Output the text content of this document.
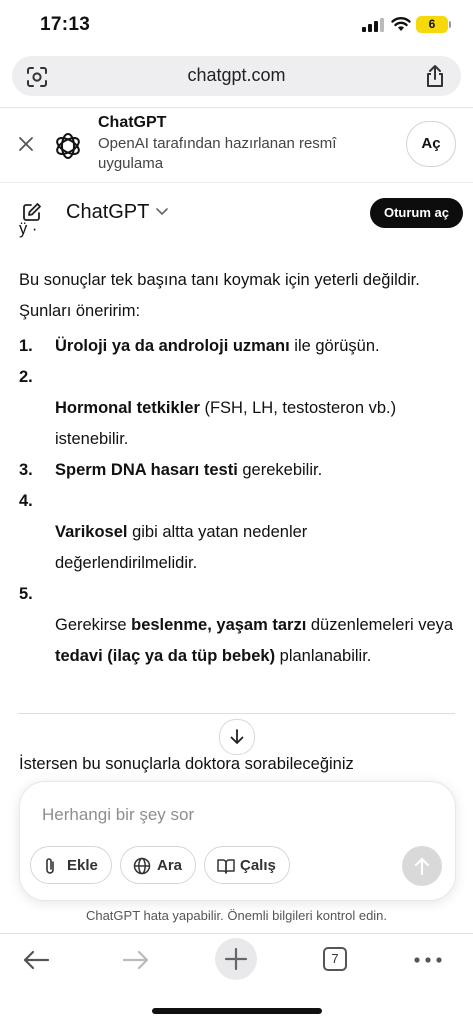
17:13	6
chatgpt.com
ChatGPT
OpenAI tarafından hazırlanan resmî uygulama
Aç
ChatGPT	Oturum aç
ÿ ·
Bu sonuçlar tek başına tanı koymak için yeterli değildir. Şunları öneririm:
1.	Üroloji ya da androloji uzmanı ile görüşün.
2.
Hormonal tetkikler (FSH, LH, testosteron vb.) istenebilir.
3.	Sperm DNA hasarı testi gerekebilir.
4.
Varikosel gibi altta yatan nedenler değerlendirilmelidir.
5.
Gerekirse beslenme, yaşam tarzı düzenlemeleri veya tedavi (ilaç ya da tüp bebek) planlanabilir.
İstersen bu sonuçlarla doktora sorabileceğiniz
Herhangi bir şey sor
Ekle	Ara	Çalış
ChatGPT hata yapabilir. Önemli bilgileri kontrol edin.
7
